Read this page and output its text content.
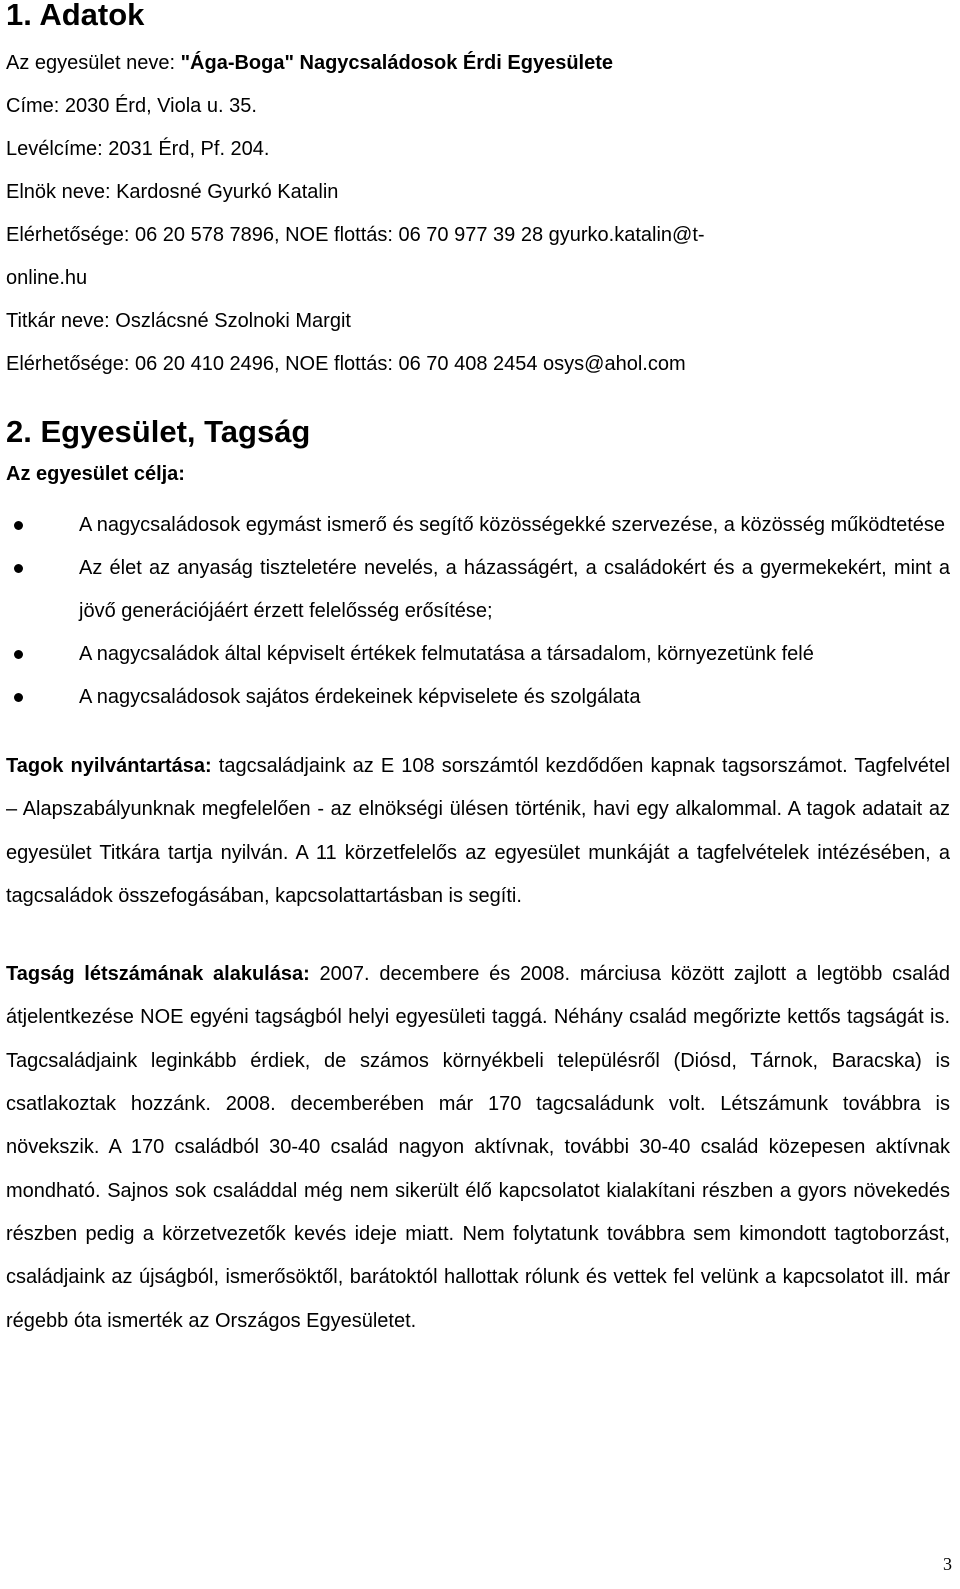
1. Adatok
Az egyesület neve: "Ága-Boga" Nagycsaládosok Érdi Egyesülete
Címe: 2030 Érd, Viola u. 35.
Levélcíme: 2031 Érd, Pf. 204.
Elnök neve: Kardosné Gyurkó Katalin
Elérhetősége: 06 20 578 7896, NOE flottás: 06 70 977 39 28 gyurko.katalin@t-
online.hu
Titkár neve: Oszlácsné Szolnoki Margit
Elérhetősége: 06 20 410 2496, NOE flottás: 06 70 408 2454 osys@ahol.com
2. Egyesület, Tagság
Az egyesület célja:
A nagycsaládosok egymást ismerő és segítő közösségekké szervezése, a közösség működtetése
Az élet az anyaság tiszteletére nevelés, a házasságért, a családokért és a gyermekekért, mint a jövő generációjáért érzett felelősség erősítése;
A nagycsaládok által képviselt értékek felmutatása a társadalom, környezetünk felé
A nagycsaládosok sajátos érdekeinek képviselete és szolgálata

Tagok nyilvántartása: tagcsaládjaink az E 108 sorszámtól kezdődően kapnak tagsorszámot. Tagfelvétel – Alapszabályunknak megfelelően - az elnökségi ülésen történik, havi egy alkalommal. A tagok adatait az egyesület Titkára tartja nyilván. A 11 körzetfelelős az egyesület munkáját a tagfelvételek intézésében, a tagcsaládok összefogásában, kapcsolattartásban is segíti.

Tagság létszámának alakulása: 2007. decembere és 2008. márciusa között zajlott a legtöbb család átjelentkezése NOE egyéni tagságból helyi egyesületi taggá. Néhány család megőrizte kettős tagságát is. Tagcsaládjaink leginkább érdiek, de számos környékbeli településről (Diósd, Tárnok, Baracska) is csatlakoztak hozzánk. 2008. decemberében már 170 tagcsaládunk volt. Létszámunk továbbra is növekszik. A 170 családból 30-40 család nagyon aktívnak, további 30-40 család közepesen aktívnak mondható. Sajnos sok családdal még nem sikerült élő kapcsolatot kialakítani részben a gyors növekedés részben pedig a körzetvezetők kevés ideje miatt. Nem folytatunk továbbra sem kimondott tagtoborzást, családjaink az újságból, ismerősöktől, barátoktól hallottak rólunk és vettek fel velünk a kapcsolatot ill. már régebb óta ismerték az Országos Egyesületet.

3
